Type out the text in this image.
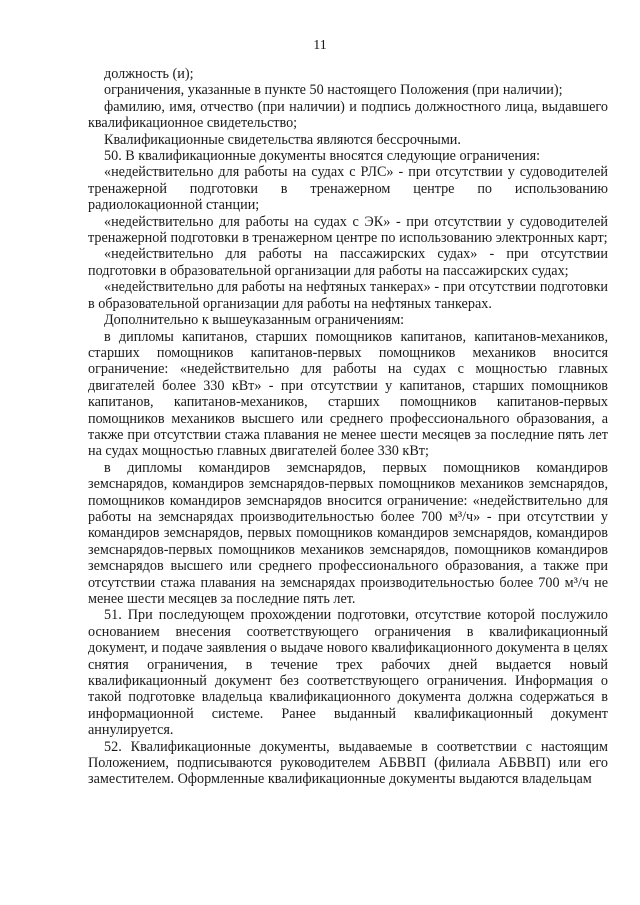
11

должность (и);

ограничения, указанные в пункте 50 настоящего Положения (при наличии);

фамилию, имя, отчество (при наличии) и подпись должностного лица, выдавшего квалификационное свидетельство;

Квалификационные свидетельства являются бессрочными.

50. В квалификационные документы вносятся следующие ограничения:

«недействительно для работы на судах с РЛС» - при отсутствии у судоводителей тренажерной подготовки в тренажерном центре по использованию радиолокационной станции;

«недействительно для работы на судах с ЭК» - при отсутствии у судоводителей тренажерной подготовки в тренажерном центре по использованию электронных карт;

«недействительно для работы на пассажирских судах» - при отсутствии подготовки в образовательной организации для работы на пассажирских судах;

«недействительно для работы на нефтяных танкерах» - при отсутствии подготовки в образовательной организации для работы на нефтяных танкерах.

Дополнительно к вышеуказанным ограничениям:

в дипломы капитанов, старших помощников капитанов, капитанов-механиков, старших помощников капитанов-первых помощников механиков вносится ограничение: «недействительно для работы на судах с мощностью главных двигателей более 330 кВт» - при отсутствии у капитанов, старших помощников капитанов, капитанов-механиков, старших помощников капитанов-первых помощников механиков высшего или среднего профессионального образования, а также при отсутствии стажа плавания не менее шести месяцев за последние пять лет на судах мощностью главных двигателей более 330 кВт;

в дипломы командиров земснарядов, первых помощников командиров земснарядов, командиров земснарядов-первых помощников механиков земснарядов, помощников командиров земснарядов вносится ограничение: «недействительно для работы на земснарядах производительностью более 700 м³/ч» - при отсутствии у командиров земснарядов, первых помощников командиров земснарядов, командиров земснарядов-первых помощников механиков земснарядов, помощников командиров земснарядов высшего или среднего профессионального образования, а также при отсутствии стажа плавания на земснарядах производительностью более 700 м³/ч не менее шести месяцев за последние пять лет.

51. При последующем прохождении подготовки, отсутствие которой послужило основанием внесения соответствующего ограничения в квалификационный документ, и подаче заявления о выдаче нового квалификационного документа в целях снятия ограничения, в течение трех рабочих дней выдается новый квалификационный документ без соответствующего ограничения. Информация о такой подготовке владельца квалификационного документа должна содержаться в информационной системе. Ранее выданный квалификационный документ аннулируется.

52. Квалификационные документы, выдаваемые в соответствии с настоящим Положением, подписываются руководителем АБВВП (филиала АБВВП) или его заместителем. Оформленные квалификационные документы выдаются владельцам
